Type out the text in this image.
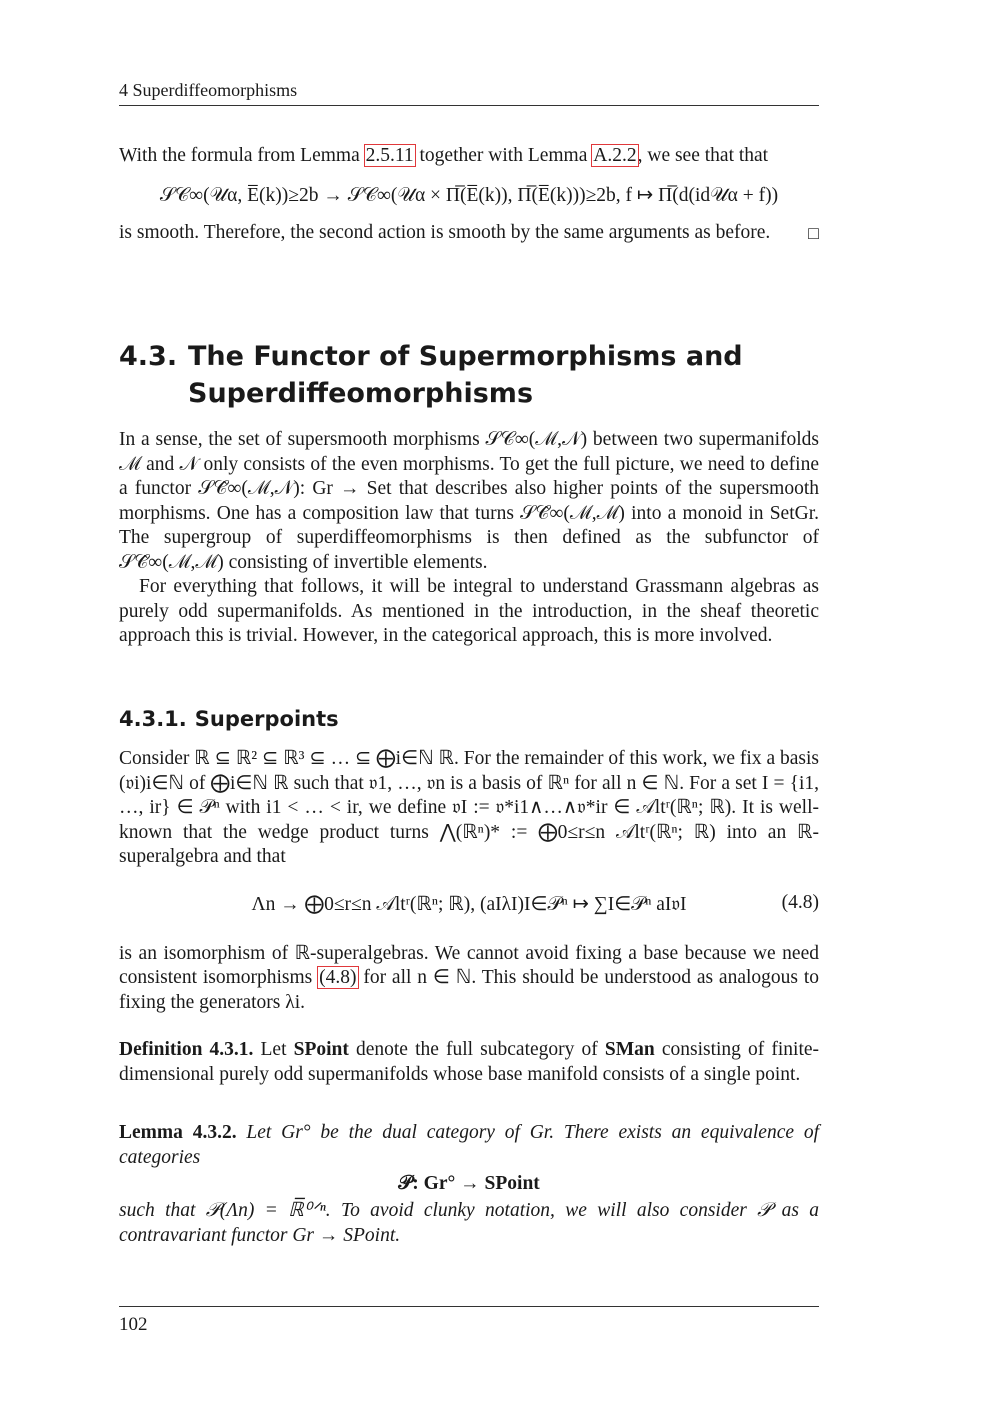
4 Superdiffeomorphisms

With the formula from Lemma 2.5.11 together with Lemma A.2.2, we see that that

𝒮𝒞∞(𝒰α, E̅(k))≥2b → 𝒮𝒞∞(𝒰α × Π̅(E̅(k)), Π̅(E̅(k)))≥2b, f ↦ Π̅(d(id𝒰α + f))

is smooth. Therefore, the second action is smooth by the same arguments as before. □

4.3. The Functor of Supermorphisms and
Superdiffeomorphisms

In a sense, the set of supersmooth morphisms 𝒮𝒞∞(ℳ,𝒩) between two supermanifolds ℳ and 𝒩 only consists of the even morphisms. To get the full picture, we need to define a functor 𝒮𝒞̂∞(ℳ,𝒩): Gr → Set that describes also higher points of the supersmooth morphisms. One has a composition law that turns 𝒮𝒞̂∞(ℳ,ℳ) into a monoid in SetGr. The supergroup of superdiffeomorphisms is then defined as the subfunctor of 𝒮𝒞̂∞(ℳ,ℳ) consisting of invertible elements.

For everything that follows, it will be integral to understand Grassmann algebras as purely odd supermanifolds. As mentioned in the introduction, in the sheaf theoretic approach this is trivial. However, in the categorical approach, this is more involved.

4.3.1. Superpoints

Consider ℝ ⊆ ℝ² ⊆ ℝ³ ⊆ … ⊆ ⨁i∈ℕ ℝ. For the remainder of this work, we fix a basis (𝔳i)i∈ℕ of ⨁i∈ℕ ℝ such that 𝔳1, …, 𝔳n is a basis of ℝⁿ for all n ∈ ℕ. For a set I = {i1, …, ir} ∈ 𝒫ⁿ with i1 < … < ir, we define 𝔳I := 𝔳*i1∧…∧𝔳*ir ∈ 𝒜ltʳ(ℝⁿ; ℝ). It is well-known that the wedge product turns ⋀(ℝⁿ)* := ⨁0≤r≤n 𝒜ltʳ(ℝⁿ; ℝ) into an ℝ-superalgebra and that

Λn → ⨁0≤r≤n 𝒜ltʳ(ℝⁿ; ℝ), (aIλI)I∈𝒫ⁿ ↦ ∑I∈𝒫ⁿ aI𝔳I	(4.8)

is an isomorphism of ℝ-superalgebras. We cannot avoid fixing a base because we need consistent isomorphisms (4.8) for all n ∈ ℕ. This should be understood as analogous to fixing the generators λi.

Definition 4.3.1. Let SPoint denote the full subcategory of SMan consisting of finite-dimensional purely odd supermanifolds whose base manifold consists of a single point.

Lemma 4.3.2. Let Gr° be the dual category of Gr. There exists an equivalence of categories

𝒫: Gr° → SPoint

such that 𝒫(Λn) = ℝ̅⁰ᐟⁿ. To avoid clunky notation, we will also consider 𝒫 as a contravariant functor Gr → SPoint.

102
